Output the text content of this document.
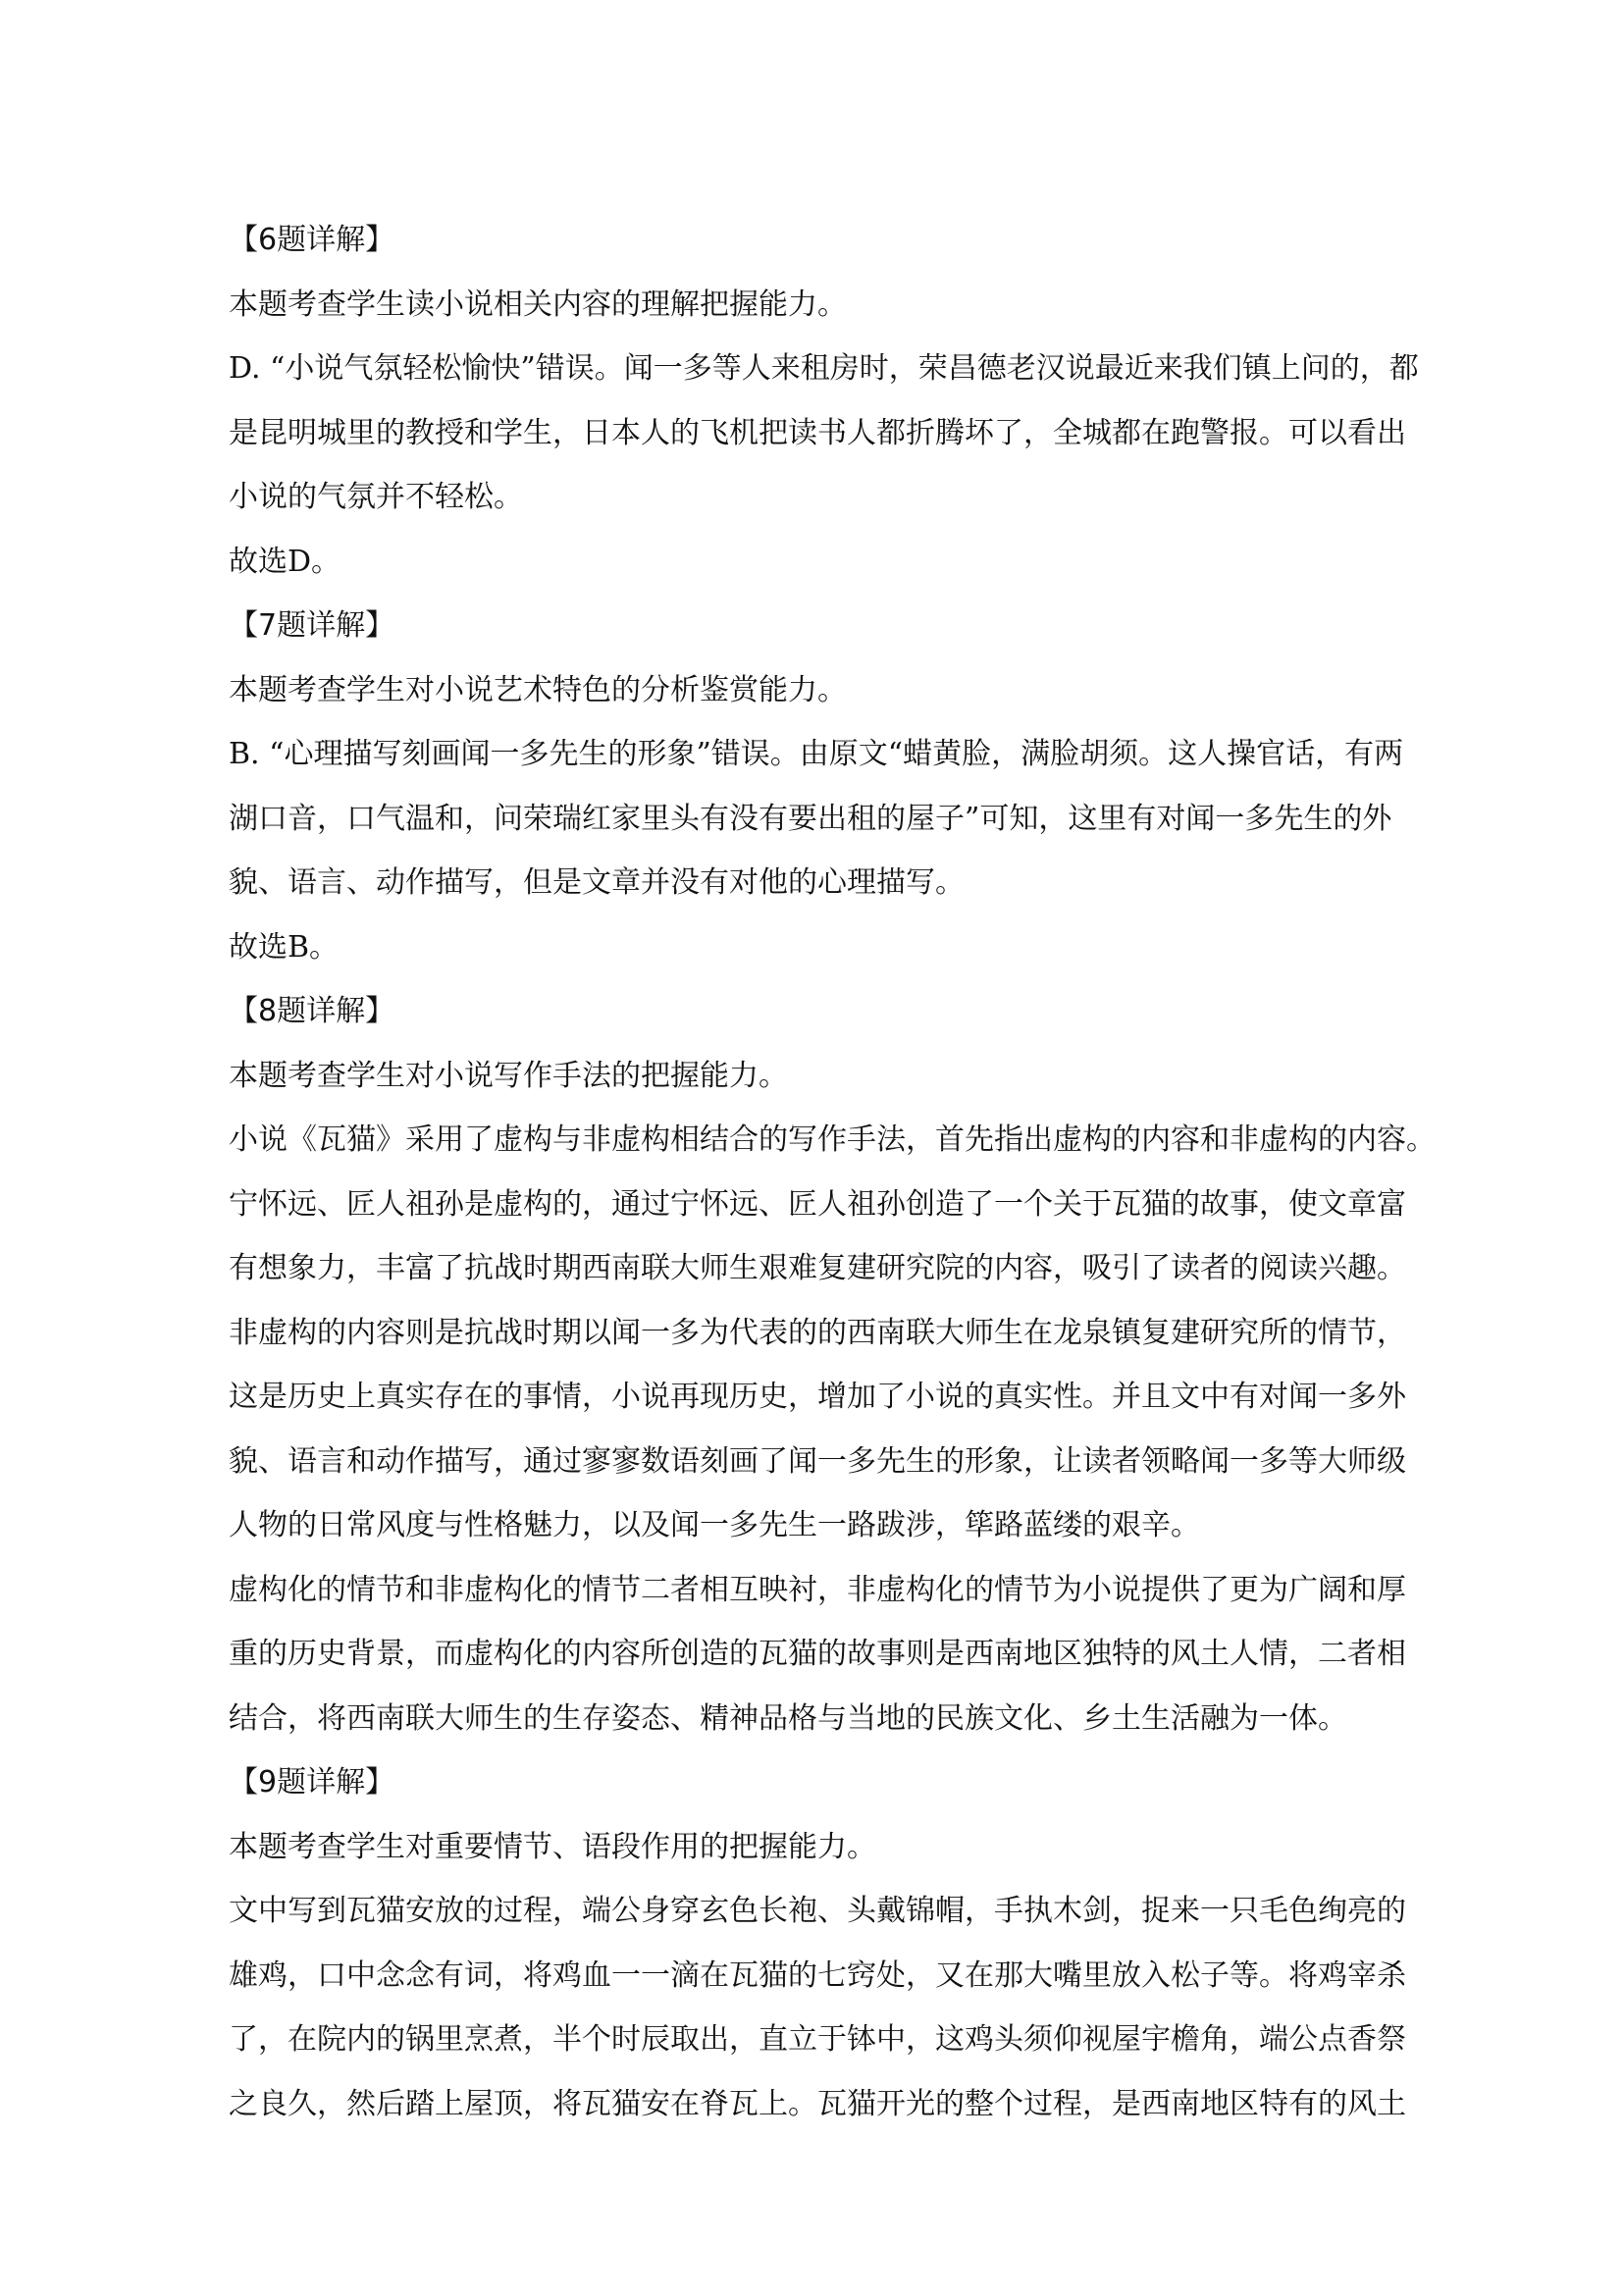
【6题详解】
本题考查学生读小说相关内容的理解把握能力。
D. “小说气氛轻松愉快”错误。闻一多等人来租房时，荣昌德老汉说最近来我们镇上问的，都
是昆明城里的教授和学生，日本人的飞机把读书人都折腾坏了，全城都在跑警报。可以看出
小说的气氛并不轻松。
故选D。
【7题详解】
本题考查学生对小说艺术特色的分析鉴赏能力。
B. “心理描写刻画闻一多先生的形象”错误。由原文“蜡黄脸，满脸胡须。这人操官话，有两
湖口音，口气温和，问荣瑞红家里头有没有要出租的屋子”可知，这里有对闻一多先生的外
貌、语言、动作描写，但是文章并没有对他的心理描写。
故选B。
【8题详解】
本题考查学生对小说写作手法的把握能力。
小说《瓦猫》采用了虚构与非虚构相结合的写作手法，首先指出虚构的内容和非虚构的内容。
宁怀远、匠人祖孙是虚构的，通过宁怀远、匠人祖孙创造了一个关于瓦猫的故事，使文章富
有想象力，丰富了抗战时期西南联大师生艰难复建研究院的内容，吸引了读者的阅读兴趣。
非虚构的内容则是抗战时期以闻一多为代表的的西南联大师生在龙泉镇复建研究所的情节，
这是历史上真实存在的事情，小说再现历史，增加了小说的真实性。并且文中有对闻一多外
貌、语言和动作描写，通过寥寥数语刻画了闻一多先生的形象，让读者领略闻一多等大师级
人物的日常风度与性格魅力，以及闻一多先生一路跋涉，筚路蓝缕的艰辛。
虚构化的情节和非虚构化的情节二者相互映衬，非虚构化的情节为小说提供了更为广阔和厚
重的历史背景，而虚构化的内容所创造的瓦猫的故事则是西南地区独特的风土人情，二者相
结合，将西南联大师生的生存姿态、精神品格与当地的民族文化、乡土生活融为一体。
【9题详解】
本题考查学生对重要情节、语段作用的把握能力。
文中写到瓦猫安放的过程，端公身穿玄色长袍、头戴锦帽，手执木剑，捉来一只毛色绚亮的
雄鸡，口中念念有词，将鸡血一一滴在瓦猫的七窍处，又在那大嘴里放入松子等。将鸡宰杀
了，在院内的锅里烹煮，半个时辰取出，直立于钵中，这鸡头须仰视屋宇檐角，端公点香祭
之良久，然后踏上屋顶，将瓦猫安在脊瓦上。瓦猫开光的整个过程，是西南地区特有的风土
